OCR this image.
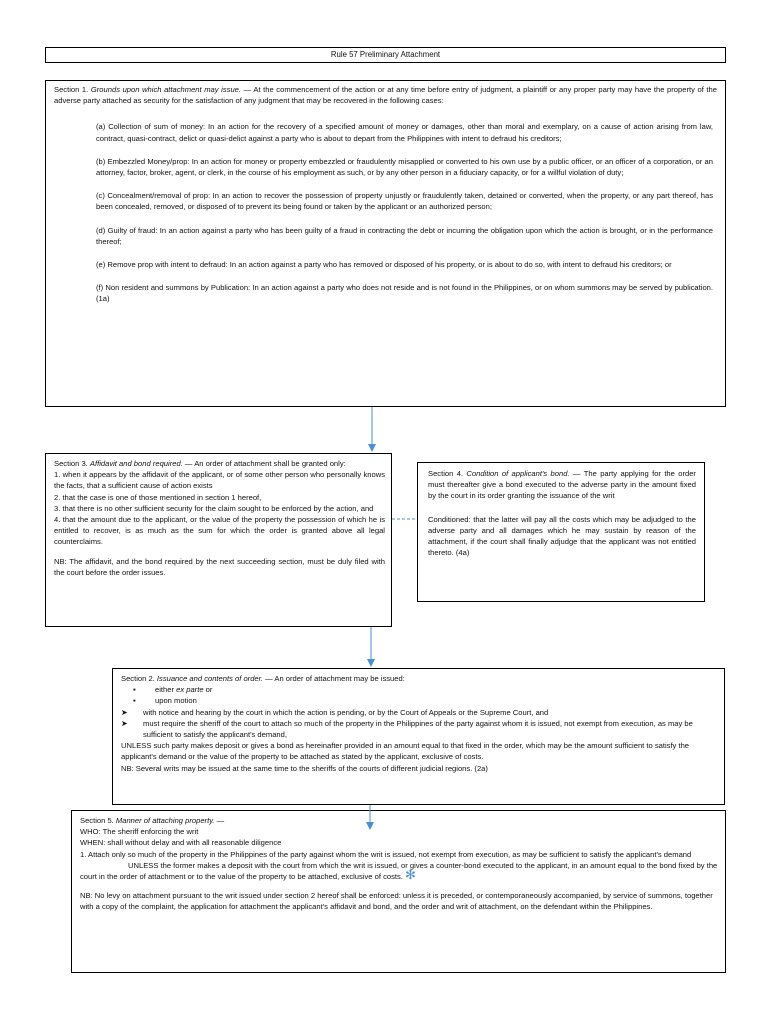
Rule 57 Preliminary Attachment

Section 1. Grounds upon which attachment may issue. — At the commencement of the action or at any time before entry of judgment, a plaintiff or any proper party may have the property of the adverse party attached as security for the satisfaction of any judgment that may be recovered in the following cases:

(a) Collection of sum of money: In an action for the recovery of a specified amount of money or damages, other than moral and exemplary, on a cause of action arising from law, contract, quasi-contract, delict or quasi-delict against a party who is about to depart from the Philippines with intent to defraud his creditors;

(b) Embezzled Money/prop: In an action for money or property embezzled or fraudulently misapplied or converted to his own use by a public officer, or an officer of a corporation, or an attorney, factor, broker, agent, or clerk, in the course of his employment as such, or by any other person in a fiduciary capacity, or for a willful violation of duty;

(c) Concealment/removal of prop: In an action to recover the possession of property unjustly or fraudulently taken, detained or converted, when the property, or any part thereof, has been concealed, removed, or disposed of to prevent its being found or taken by the applicant or an authorized person;

(d) Guilty of fraud: In an action against a party who has been guilty of a fraud in contracting the debt or incurring the obligation upon which the action is brought, or in the performance thereof;

(e) Remove prop with intent to defraud: In an action against a party who has removed or disposed of his property, or is about to do so, with intent to defraud his creditors; or

(f) Non resident and summons by Publication: In an action against a party who does not reside and is not found in the Philippines, or on whom summons may be served by publication. (1a)

Section 3. Affidavit and bond required. — An order of attachment shall be granted only:

1. when it appears by the affidavit of the applicant, or of some other person who personally knows the facts, that a sufficient cause of action exists

2. that the case is one of those mentioned in section 1 hereof,

3. that there is no other sufficient security for the claim sought to be enforced by the action, and

4. that the amount due to the applicant, or the value of the property the possession of which he is entitled to recover, is as much as the sum for which the order is granted above all legal counterclaims.

NB: The affidavit, and the bond required by the next succeeding section, must be duly filed with the court before the order issues.

Section 4. Condition of applicant's bond. — The party applying for the order must thereafter give a bond executed to the adverse party in the amount fixed by the court in its order granting the issuance of the writ

Conditioned: that the latter will pay all the costs which may be adjudged to the adverse party and all damages which he may sustain by reason of the attachment, if the court shall finally adjudge that the applicant was not entitled thereto. (4a)

Section 2. Issuance and contents of order. — An order of attachment may be issued:

▪	either ex parte or
▪	upon motion
➤	with notice and hearing by the court in which the action is pending, or by the Court of Appeals or the Supreme Court, and
➤	must require the sheriff of the court to attach so much of the property in the Philippines of the party against whom it is issued, not exempt from execution, as may be sufficient to satisfy the applicant's demand,

UNLESS such party makes deposit or gives a bond as hereinafter provided in an amount equal to that fixed in the order, which may be the amount sufficient to satisfy the applicant's demand or the value of the property to be attached as stated by the applicant, exclusive of costs.

NB: Several writs may be issued at the same time to the sheriffs of the courts of different judicial regions. (2a)

Section 5. Manner of attaching property. —

WHO: The sheriff enforcing the writ

WHEN: shall without delay and with all reasonable diligence

1. Attach only so much of the property in the Philippines of the party against whom the writ is issued, not exempt from execution, as may be sufficient to satisfy the applicant's demand

UNLESS the former makes a deposit with the court from which the writ is issued, or gives a counter-bond executed to the applicant, in an amount equal to the bond fixed by the court in the order of attachment or to the value of the property to be attached, exclusive of costs. ✻

NB: No levy on attachment pursuant to the writ issued under section 2 hereof shall be enforced: unless it is preceded, or contemporaneously accompanied, by service of summons, together with a copy of the complaint, the application for attachment the applicant's affidavit and bond, and the order and writ of attachment, on the defendant within the Philippines.
